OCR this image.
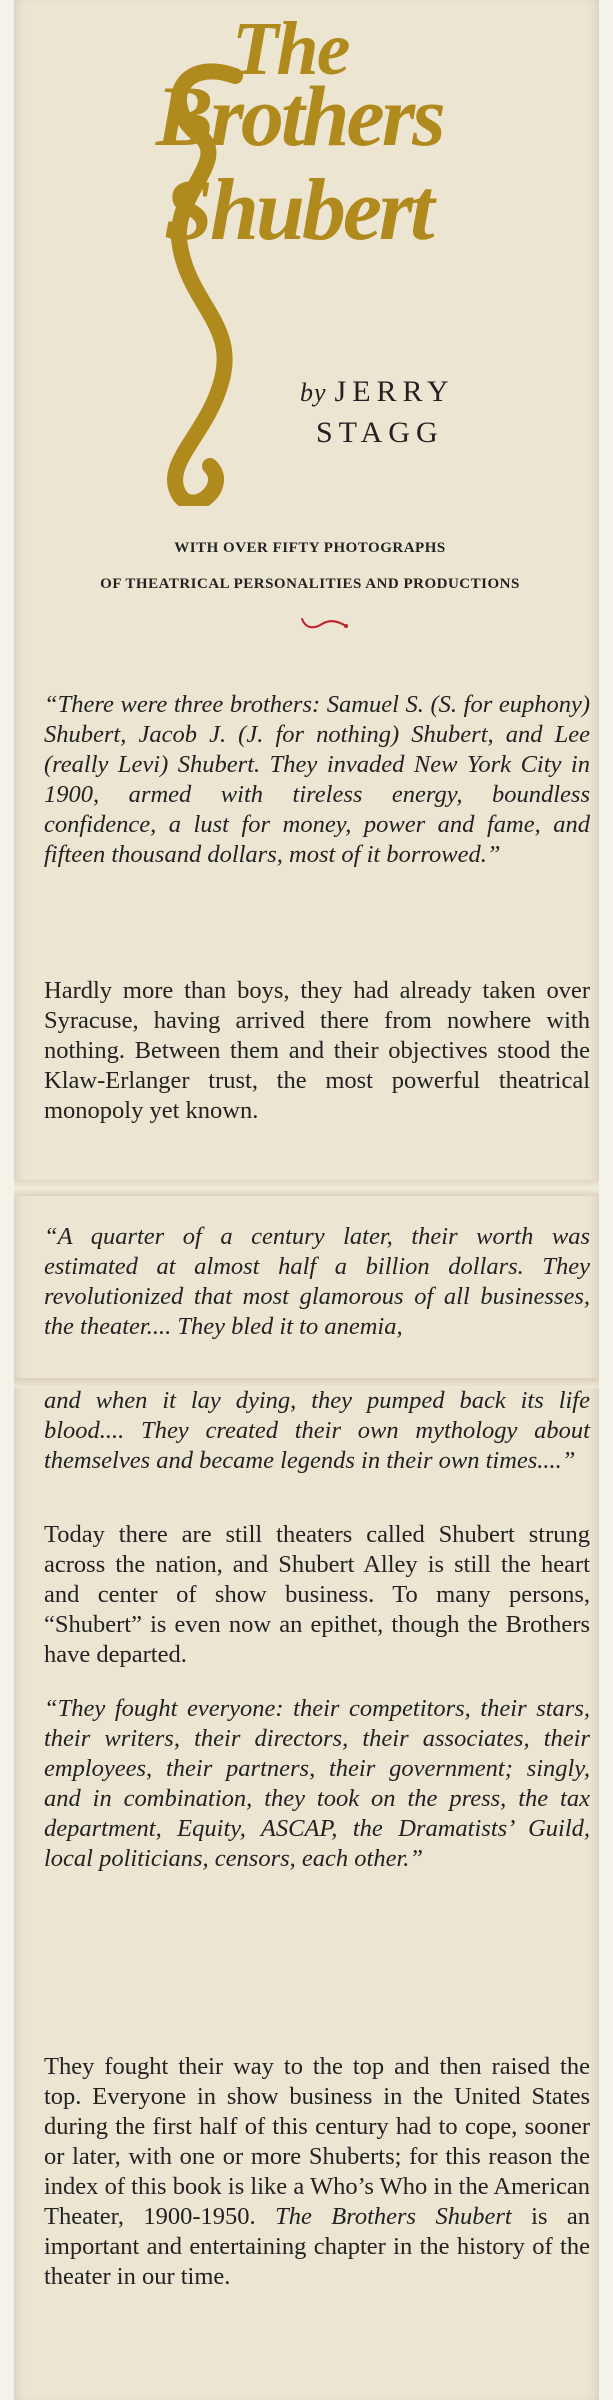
The
Brothers
Shubert
by JERRY
STAGG
WITH OVER FIFTY PHOTOGRAPHS
OF THEATRICAL PERSONALITIES AND PRODUCTIONS
“There were three brothers: Samuel S. (S. for euphony) Shubert, Jacob J. (J. for nothing) Shubert, and Lee (really Levi) Shubert. They invaded New York City in 1900, armed with tireless energy, boundless confidence, a lust for money, power and fame, and fifteen thousand dollars, most of it borrowed.”
Hardly more than boys, they had already taken over Syracuse, having arrived there from nowhere with nothing. Between them and their objectives stood the Klaw-Erlanger trust, the most powerful theatrical monopoly yet known.
“A quarter of a century later, their worth was estimated at almost half a billion dollars. They revolutionized that most glamorous of all businesses, the theater.... They bled it to anemia,
and when it lay dying, they pumped back its life blood.... They created their own mythology about themselves and became legends in their own times....”
Today there are still theaters called Shubert strung across the nation, and Shubert Alley is still the heart and center of show business. To many persons, “Shubert” is even now an epithet, though the Brothers have departed.
“They fought everyone: their competitors, their stars, their writers, their directors, their associates, their employees, their partners, their government; singly, and in combination, they took on the press, the tax department, Equity, ASCAP, the Dramatists’ Guild, local politicians, censors, each other.”
They fought their way to the top and then raised the top. Everyone in show business in the United States during the first half of this century had to cope, sooner or later, with one or more Shuberts; for this reason the index of this book is like a Who’s Who in the American Theater, 1900-1950. The Brothers Shubert is an important and entertaining chapter in the history of the theater in our time.
